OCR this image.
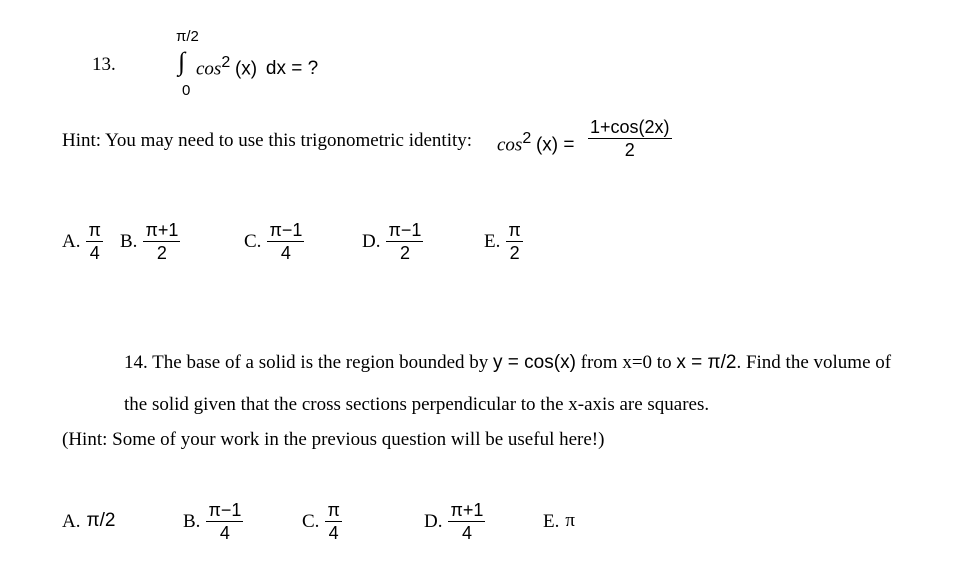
13.
π/2
∫
0
$\cos^2 (x)$ dx = ?
Hint: You may need to use this trigonometric identity: $\cos^2 (x) = \frac{1+\cos(2x)}{2}$
A. $\frac{\pi}{4} B$. $\frac{\pi+1}{2}$	C. $\frac{\pi-1}{4}$	D. $\frac{\pi-1}{2}$	E. $\frac{\pi}{2}$
14. The base of a solid is the region bounded by y = cos(x) from x=0 to x = π/2. Find the volume of
the solid given that the cross sections perpendicular to the x-axis are squares.
(Hint: Some of your work in the previous question will be useful here!)
A. π/2	B. $\frac{\pi-1}{4}$	C. $\frac{\pi}{4}$	D. $\frac{\pi+1}{4}$	E. π
